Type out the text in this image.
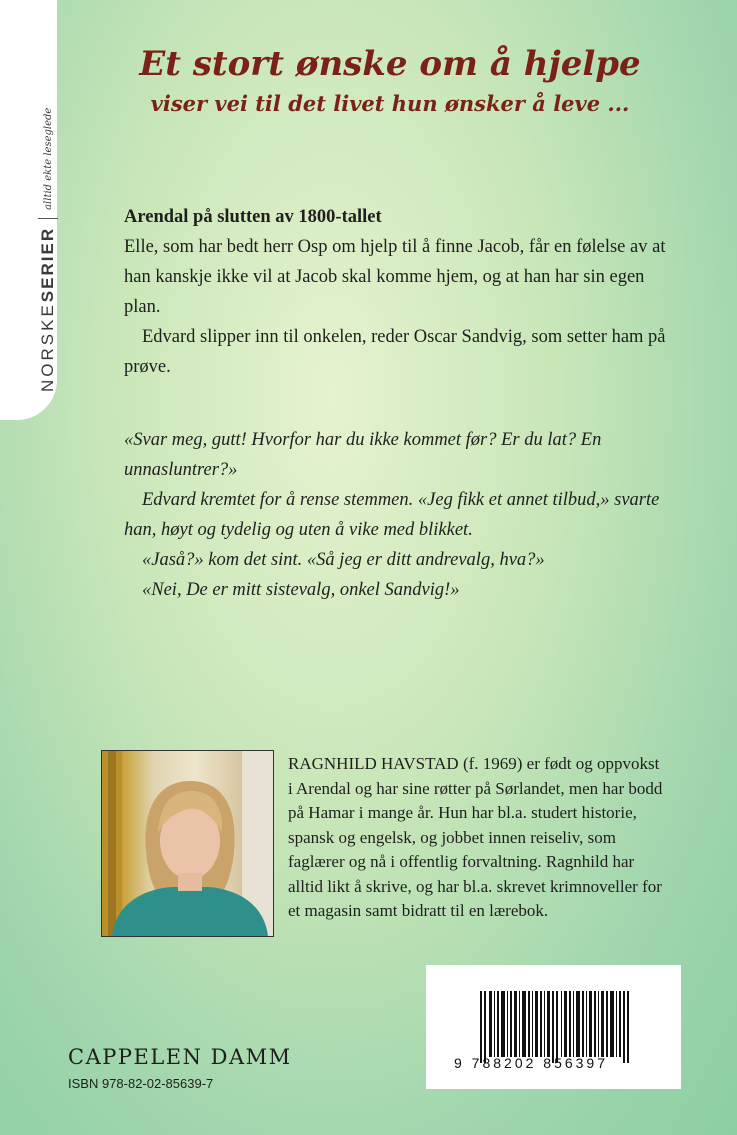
NORSKE
SERIER
alltid ekte leseglede
Et stort ønske om å hjelpe
viser vei til det livet hun ønsker å leve ...

Arendal på slutten av 1800-tallet

Elle, som har bedt herr Osp om hjelp til å finne Jacob, får en følelse av at han kanskje ikke vil at Jacob skal komme hjem, og at han har sin egen plan.

Edvard slipper inn til onkelen, reder Oscar Sandvig, som setter ham på prøve.

«Svar meg, gutt! Hvorfor har du ikke kommet før? Er du lat? En unnasluntrer?»

Edvard kremtet for å rense stemmen. «Jeg fikk et annet tilbud,» svarte han, høyt og tydelig og uten å vike med blikket.

«Jaså?» kom det sint. «Så jeg er ditt andrevalg, hva?»

«Nei, De er mitt sistevalg, onkel Sandvig!»

RAGNHILD HAVSTAD (f. 1969) er født og oppvokst i Arendal og har sine røtter på Sørlandet, men har bodd på Hamar i mange år. Hun har bl.a. studert historie, spansk og engelsk, og jobbet innen reiseliv, som faglærer og nå i offentlig forvaltning. Ragnhild har alltid likt å skrive, og har bl.a. skrevet krimnoveller for et magasin samt bidratt til en lærebok.

9 788202 856397
CAPPELEN DAMM
ISBN 978-82-02-85639-7
